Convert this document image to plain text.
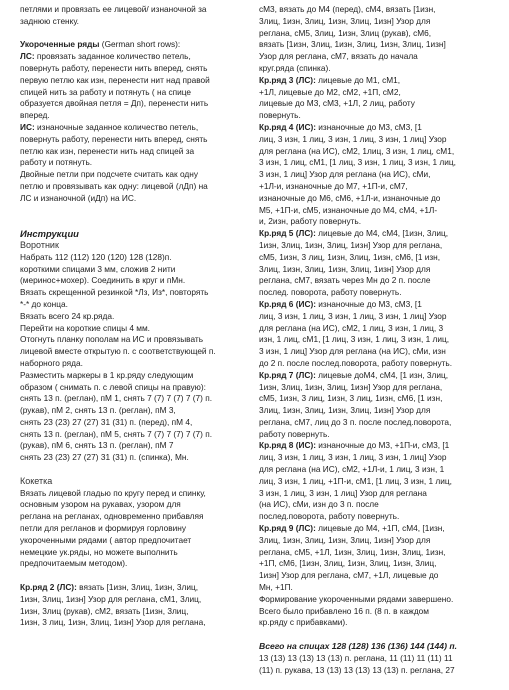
петлями и провязать ее лицевой/ изнаночной за

заднюю стенку.

Укороченные ряды (German short rows):

ЛС: провязать заданное количество петель,

повернуть работу, перенести нить вперед, снять

первую петлю как изн, перенести нит над правой

спицей нить за работу и потянуть ( на спице

образуется двойная петля = Дп), перенести нить

вперед.

ИС: изнаночные заданное количество петель,

повернуть работу, перенести нить вперед, снять

петлю как изн, перенести нить над спицей за

работу и потянуть.

Двойные петли при подсчете считать как одну

петлю и провязывать как одну: лицевой (лДп) на

ЛС и изнаночной (иДп) на ИС.

Инструкции

Воротник

Набрать 112 (112) 120 (120) 128 (128)п.

короткими спицами 3 мм, сложив 2 нити

(меринос+мохер). Соединить в круг и пМн.

Вязать скрещенной резинкой *Лз, Из*, повторять

*-* до конца.

Вязать всего 24 кр.ряда.

Перейти на короткие спицы 4 мм.

Отогнуть планку пополам на ИС и провязывать

лицевой вместе открытую п. с соответствующей п.

наборного ряда.

Разместить маркеры в 1 кр.ряду следующим

образом ( снимать п. с левой спицы на правую):

снять 13 п. (реглан), пМ 1, снять 7 (7) 7 (7) 7 (7) п.

(рукав), пМ 2, снять 13 п. (реглан), пМ 3,

снять 23 (23) 27 (27) 31 (31) п. (перед), пМ 4,

снять 13 п. (реглан), пМ 5, снять 7 (7) 7 (7) 7 (7) п.

(рукав), пМ 6, снять 13 п. (реглан), пМ 7

снять 23 (23) 27 (27) 31 (31) п. (спинка), Мн.

Кокетка

Вязать лицевой гладью по кругу перед и спинку,

основным узором на рукавах, узором для

реглана на регланах, одновременно прибавляя

петли для регланов и формируя горловину

укороченными рядами ( автор предпочитает

немецкие ук.ряды, но можете выполнить

предпочитаемым методом).

Кр.ряд 2 (ЛС): вязать [1изн, 3лиц, 1изн, 3лиц,

1изн, 3лиц, 1изн] Узор для реглана, сМ1, 3лиц,

1изн, 3лиц (рукав), сМ2, вязать [1изн, 3лиц,

1изн, 3 лиц, 1изн, 3лиц, 1изн] Узор для реглана,

сМ3, вязать до М4 (перед), сМ4, вязать [1изн,

3лиц, 1изн, 3лиц, 1изн, 3лиц, 1изн] Узор для

реглана, сМ5, 3лиц, 1изн, 3лиц (рукав), сМ6,

вязать [1изн, 3лиц, 1изн, 3лиц, 1изн, 3лиц, 1изн]

Узор для реглана, сМ7, вязать до начала

круг.ряда (спинка).

Кр.ряд 3 (ЛС): лицевые до М1, сМ1,

+1Л, лицевые до М2, сМ2, +1П, сМ2,

лицевые до М3, сМ3, +1Л, 2 лиц, работу

повернуть.

Кр.ряд 4 (ИС): изнаночные до М3, сМ3, [1

лиц, 3 изн, 1 лиц, 3 изн, 1 лиц, 3 изн, 1 лиц] Узор

для реглана (на ИС), сМ2, 1лиц, 3 изн, 1 лиц, сМ1,

3 изн, 1 лиц, сМ1, [1 лиц, 3 изн, 1 лиц, 3 изн, 1 лиц,

3 изн, 1 лиц] Узор для реглана (на ИС), сМи,

+1Л-и, изнаночные до М7, +1П-и, сМ7,

изнаночные до М6, сМ6, +1Л-и, изнаночные до

М5, +1П-и, сМ5, изнаночные до М4, сМ4, +1Л-

и, 2изн, работу повернуть.

Кр.ряд 5 (ЛС): лицевые до М4, сМ4, [1изн, 3лиц,

1изн, 3лиц, 1изн, 3лиц, 1изн] Узор для реглана,

сМ5, 1изн, 3 лиц, 1изн, 3лиц, 1изн, сМ6, [1 изн,

3лиц, 1изн, 3лиц, 1изн, 3лиц, 1изн] Узор для

реглана, сМ7, вязать через Мн до 2 п. после

послед. поворота, работу повернуть.

Кр.ряд 6 (ИС): изнаночные до М3, сМ3, [1

лиц, 3 изн, 1 лиц, 3 изн, 1 лиц, 3 изн, 1 лиц] Узор

для реглана (на ИС), сМ2, 1 лиц, 3 изн, 1 лиц, 3

изн, 1 лиц, сМ1, [1 лиц, 3 изн, 1 лиц, 3 изн, 1 лиц,

3 изн, 1 лиц] Узор для реглана (на ИС), сМи, изн

до 2 п. после послед.поворота, работу повернуть.

Кр.ряд 7 (ЛС): лицевые доМ4, сМ4, [1 изн, 3лиц,

1изн, 3лиц, 1изн, 3лиц, 1изн] Узор для реглана,

сМ5, 1изн, 3 лиц, 1изн, 3 лиц, 1изн, сМ6, [1 изн,

3лиц, 1изн, 3лиц, 1изн, 3лиц, 1изн] Узор для

реглана, сМ7, лиц до 3 п. после послед.поворота,

работу повернуть.

Кр.ряд 8 (ИС): изнаночные до М3, +1П-и, сМ3, [1

лиц, 3 изн, 1 лиц, 3 изн, 1 лиц, 3 изн, 1 лиц] Узор

для реглана (на ИС), сМ2, +1Л-и, 1 лиц, 3 изн, 1

лиц, 3 изн, 1 лиц, +1П-и, сМ1, [1 лиц, 3 изн, 1 лиц,

3 изн, 1 лиц, 3 изн, 1 лиц] Узор для реглана

(на ИС), сМи, изн до 3 п. после

послед.поворота, работу повернуть.

Кр.ряд 9 (ЛС): лицевые до М4, +1П, сМ4, [1изн,

3лиц, 1изн, 3лиц, 1изн, 3лиц, 1изн] Узор для

реглана, сМ5, +1Л, 1изн, 3лиц, 1изн, 3лиц, 1изн,

+1П, сМ6, [1изн, 3лиц, 1изн, 3лиц, 1изн, 3лиц,

1изн] Узор для реглана, сМ7, +1Л, лицевые до

Мн, +1П.

Формирование укороченными рядами завершено.

Всего было прибавлено 16 п. (8 п. в каждом

кр.ряду с прибавками).

Всего на спицах 128 (128) 136 (136) 144 (144) п.

13 (13) 13 (13) 13 (13) п. реглана, 11 (11) 11 (11) 11

(11) п. рукава, 13 (13) 13 (13) 13 (13) п. реглана, 27
